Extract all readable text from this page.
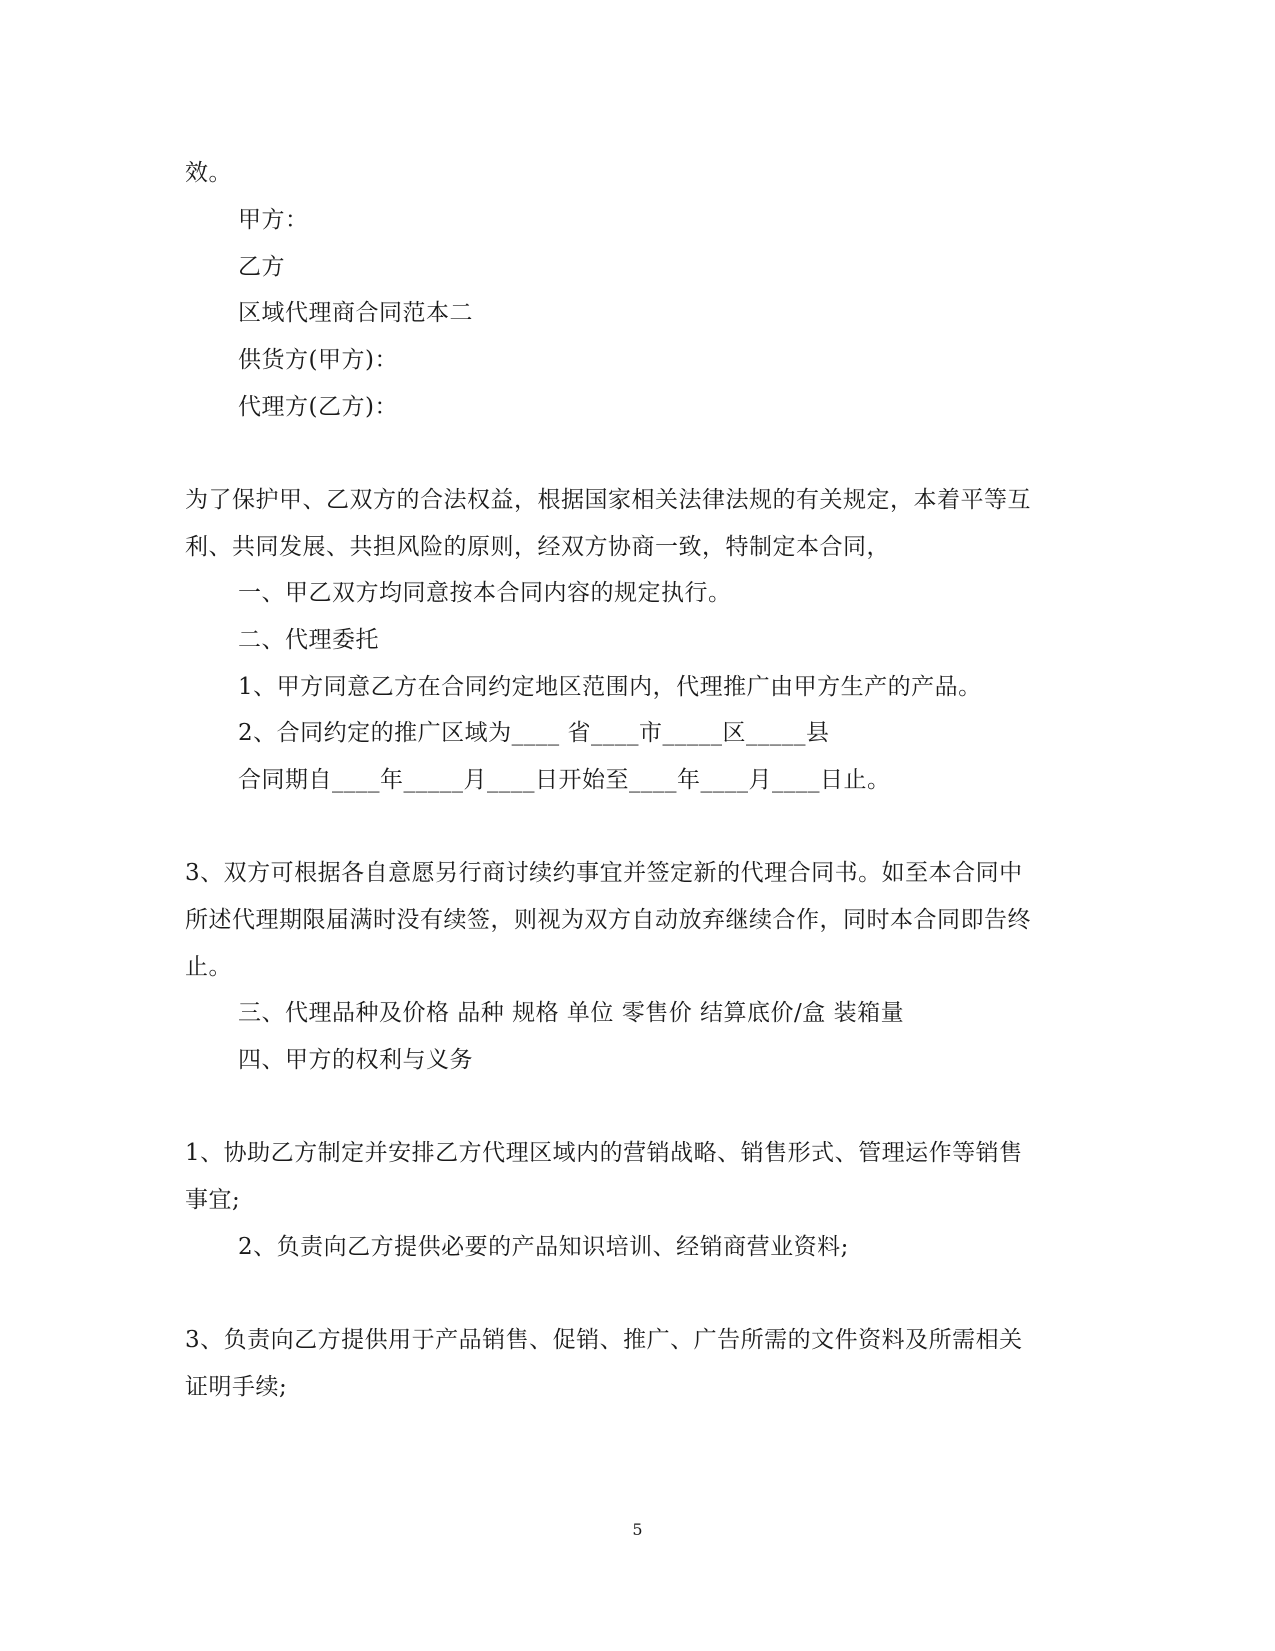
效。
甲方：
乙方
区域代理商合同范本二
供货方(甲方)：
代理方(乙方)：
为了保护甲、乙双方的合法权益，根据国家相关法律法规的有关规定，本着平等互
利、共同发展、共担风险的原则，经双方协商一致，特制定本合同，
一、甲乙双方均同意按本合同内容的规定执行。
二、代理委托
1、甲方同意乙方在合同约定地区范围内，代理推广由甲方生产的产品。
2、合同约定的推广区域为____ 省____市_____区_____县
合同期自____年_____月____日开始至____年____月____日止。
3、双方可根据各自意愿另行商讨续约事宜并签定新的代理合同书。如至本合同中
所述代理期限届满时没有续签，则视为双方自动放弃继续合作，同时本合同即告终
止。
三、代理品种及价格 品种 规格 单位 零售价 结算底价/盒 装箱量
四、甲方的权利与义务
1、协助乙方制定并安排乙方代理区域内的营销战略、销售形式、管理运作等销售
事宜;
2、负责向乙方提供必要的产品知识培训、经销商营业资料;
3、负责向乙方提供用于产品销售、促销、推广、广告所需的文件资料及所需相关
证明手续;
5
